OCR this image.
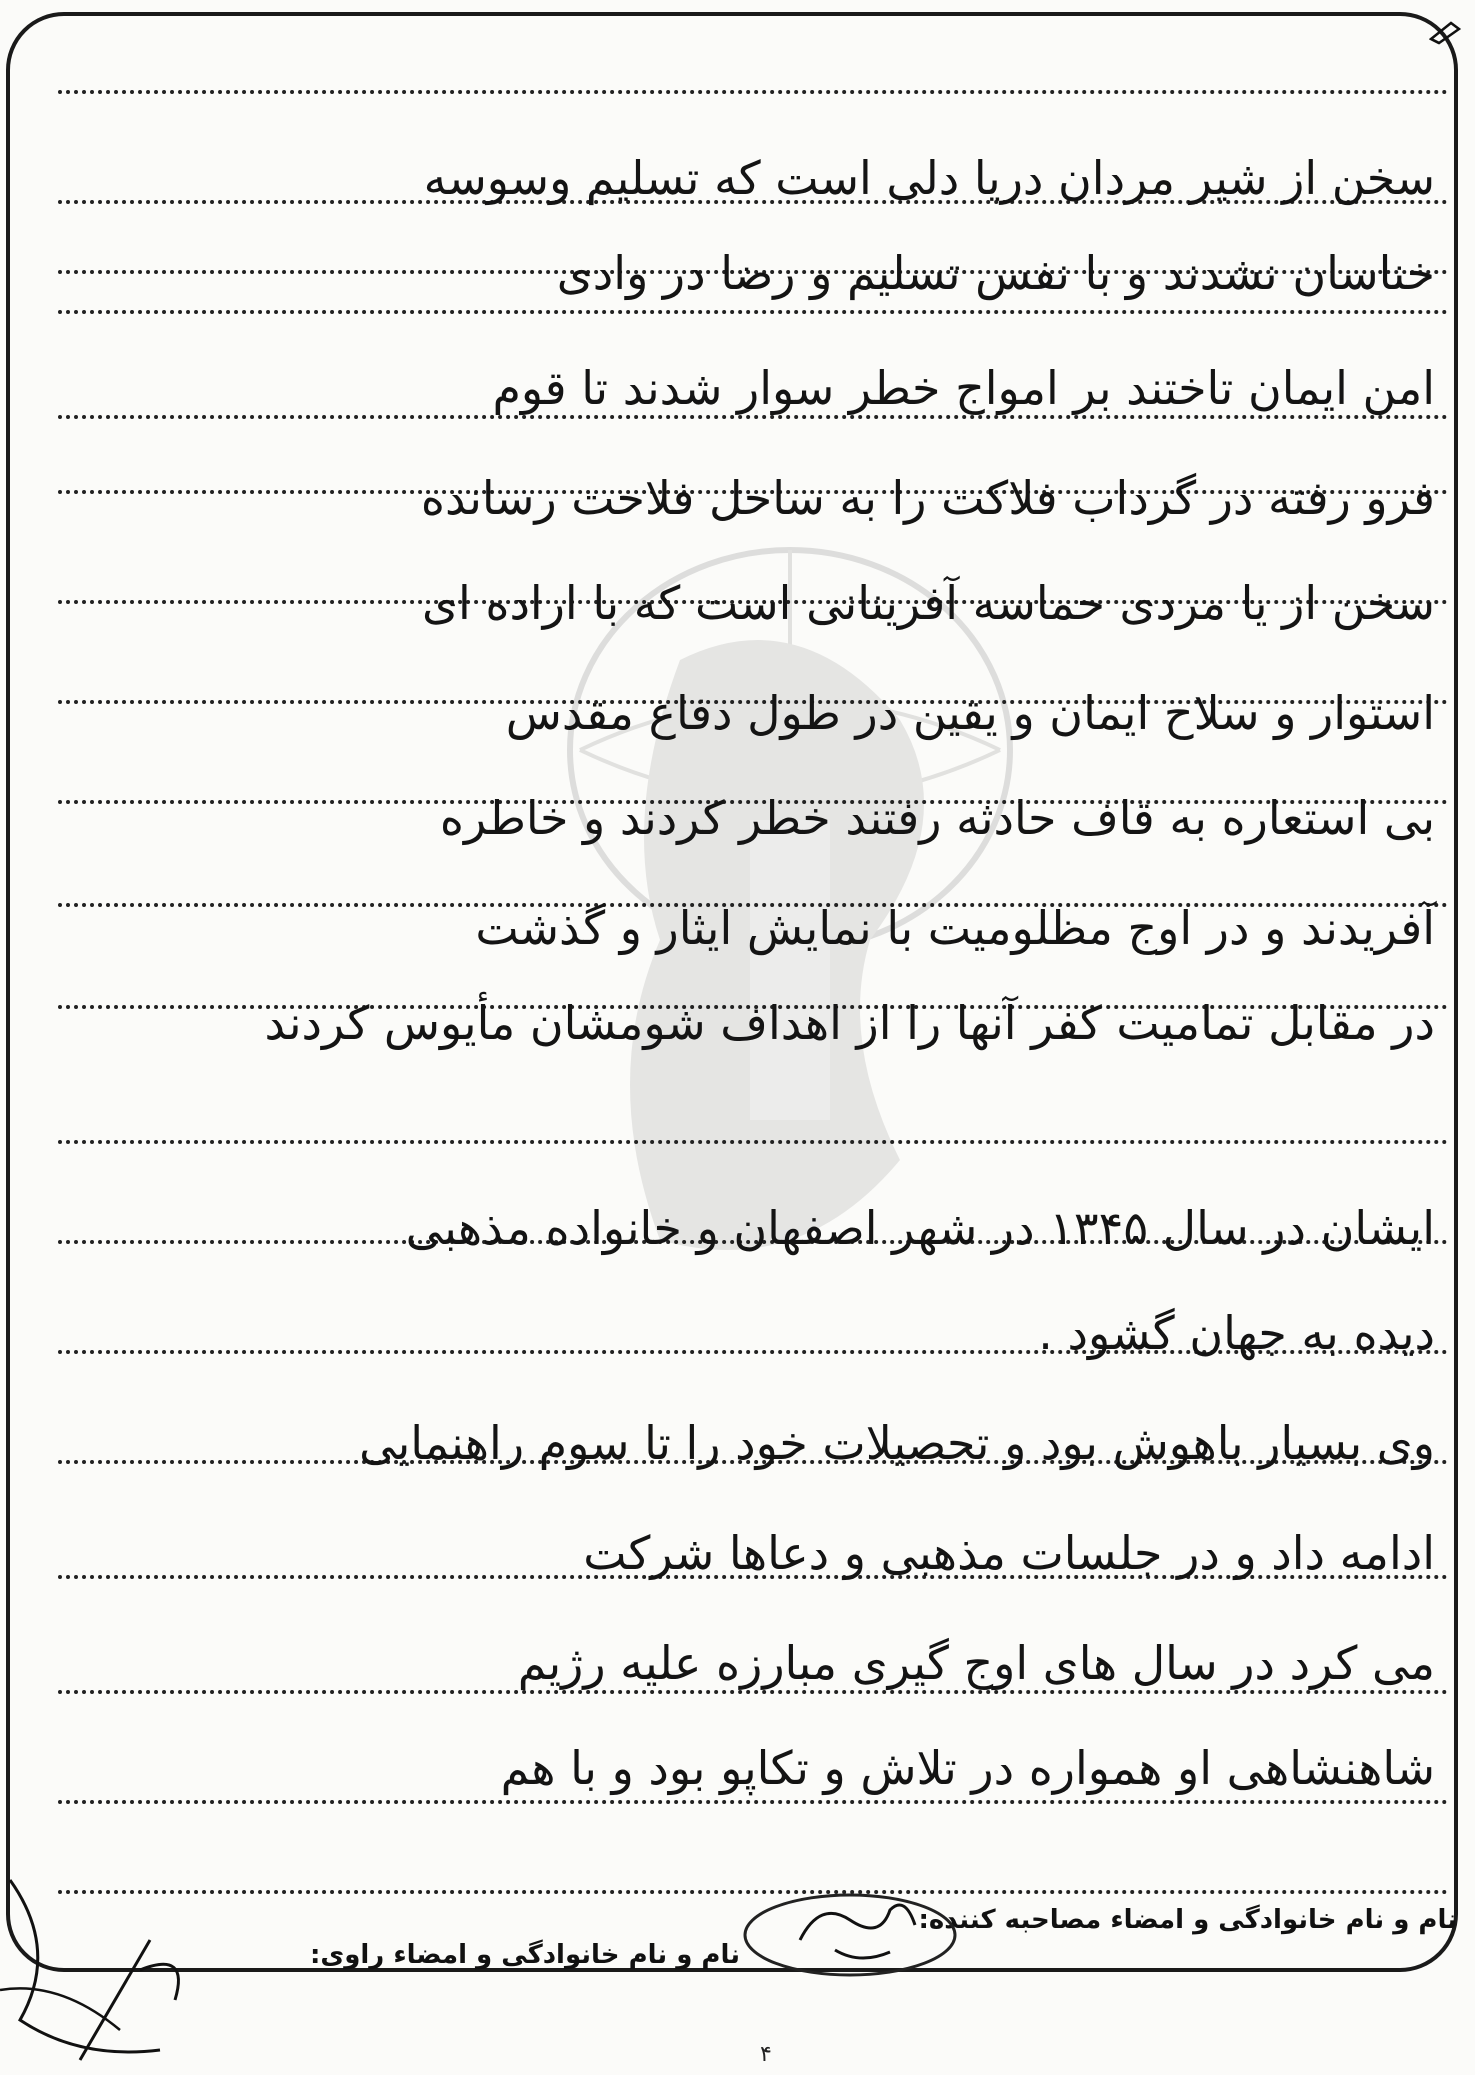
سخن از شیر مردان دریا دلی است که تسلیم وسوسه
خناسان نشدند و با نفس تسلیم و رضا در وادی
امن ایمان تاختند بر امواج خطر سوار شدند تا قوم
فرو رفته در گرداب فلاکت را به ساحل فلاحت رسانده
سخن از یا مردی حماسه آفرینانی است که با اراده ای
استوار و سلاح ایمان و یقین در طول دفاع مقدس
بی استعاره به قاف حادثه رفتند خطر کردند و خاطره
آفریدند و در اوج مظلومیت با نمایش ایثار و گذشت
در مقابل تمامیت کفر آنها را از اهداف شومشان مأیوس کردند
ایشان در سال ۱۳۴۵ در شهر اصفهان و خانواده مذهبی
دیده به جهان گشود .
وی بسیار باهوش بود و تحصیلات خود را تا سوم راهنمایی
ادامه داد و در جلسات مذهبی و دعاها شرکت
می کرد در سال های اوج گیری مبارزه علیه رژیم
شاهنشاهی او همواره در تلاش و تکاپو بود و با هم
نام و نام خانوادگی و امضاء مصاحبه کننده:
نام و نام خانوادگی و امضاء راوی:
۴
